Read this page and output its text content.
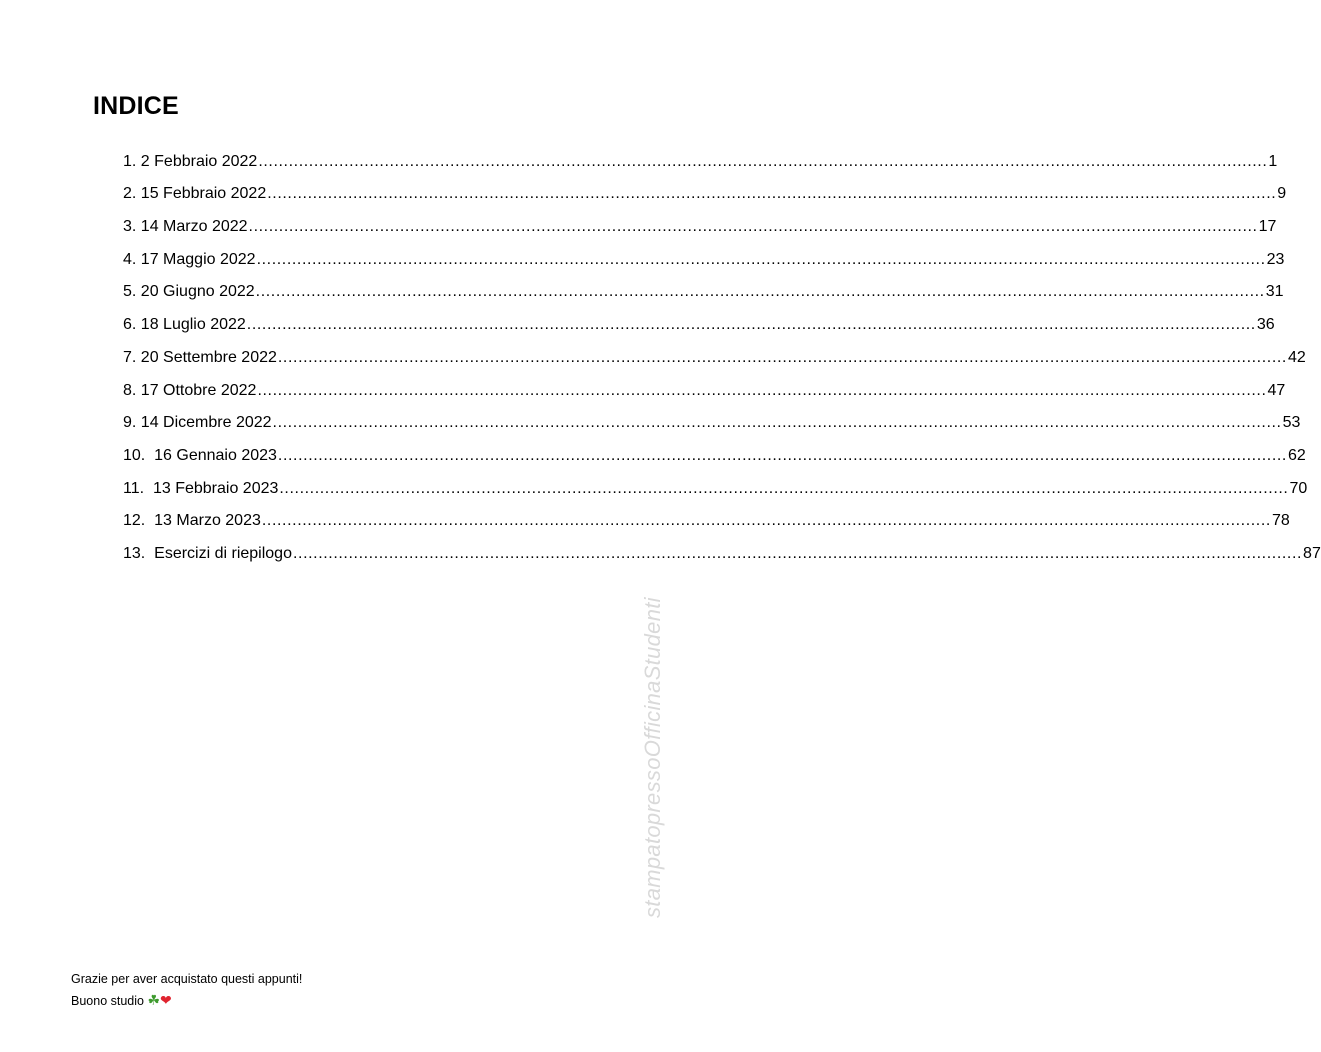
INDICE
1.
2 Febbraio 2022 ........................................................................................................................................................................................................ 1
2.
15 Febbraio 2022 ........................................................................................................................................................................................................ 9
3.
14 Marzo 2022 ........................................................................................................................................................................................................ 17
4.
17 Maggio 2022 ........................................................................................................................................................................................................ 23
5.
20 Giugno 2022 ........................................................................................................................................................................................................ 31
6.
18 Luglio 2022 ........................................................................................................................................................................................................ 36
7.
20 Settembre 2022 ........................................................................................................................................................................................................ 42
8.
17 Ottobre 2022 ........................................................................................................................................................................................................ 47
9.
14 Dicembre 2022 ........................................................................................................................................................................................................ 53
10.
16 Gennaio 2023 ........................................................................................................................................................................................................ 62
11.
13 Febbraio 2023 ........................................................................................................................................................................................................ 70
12.
13 Marzo 2023 ........................................................................................................................................................................................................ 78
13.
Esercizi di riepilogo ........................................................................................................................................................................................................ 87
stampatopressoOfficinaStudenti
Grazie per aver acquistato questi appunti!
Buono studio ☘❤
